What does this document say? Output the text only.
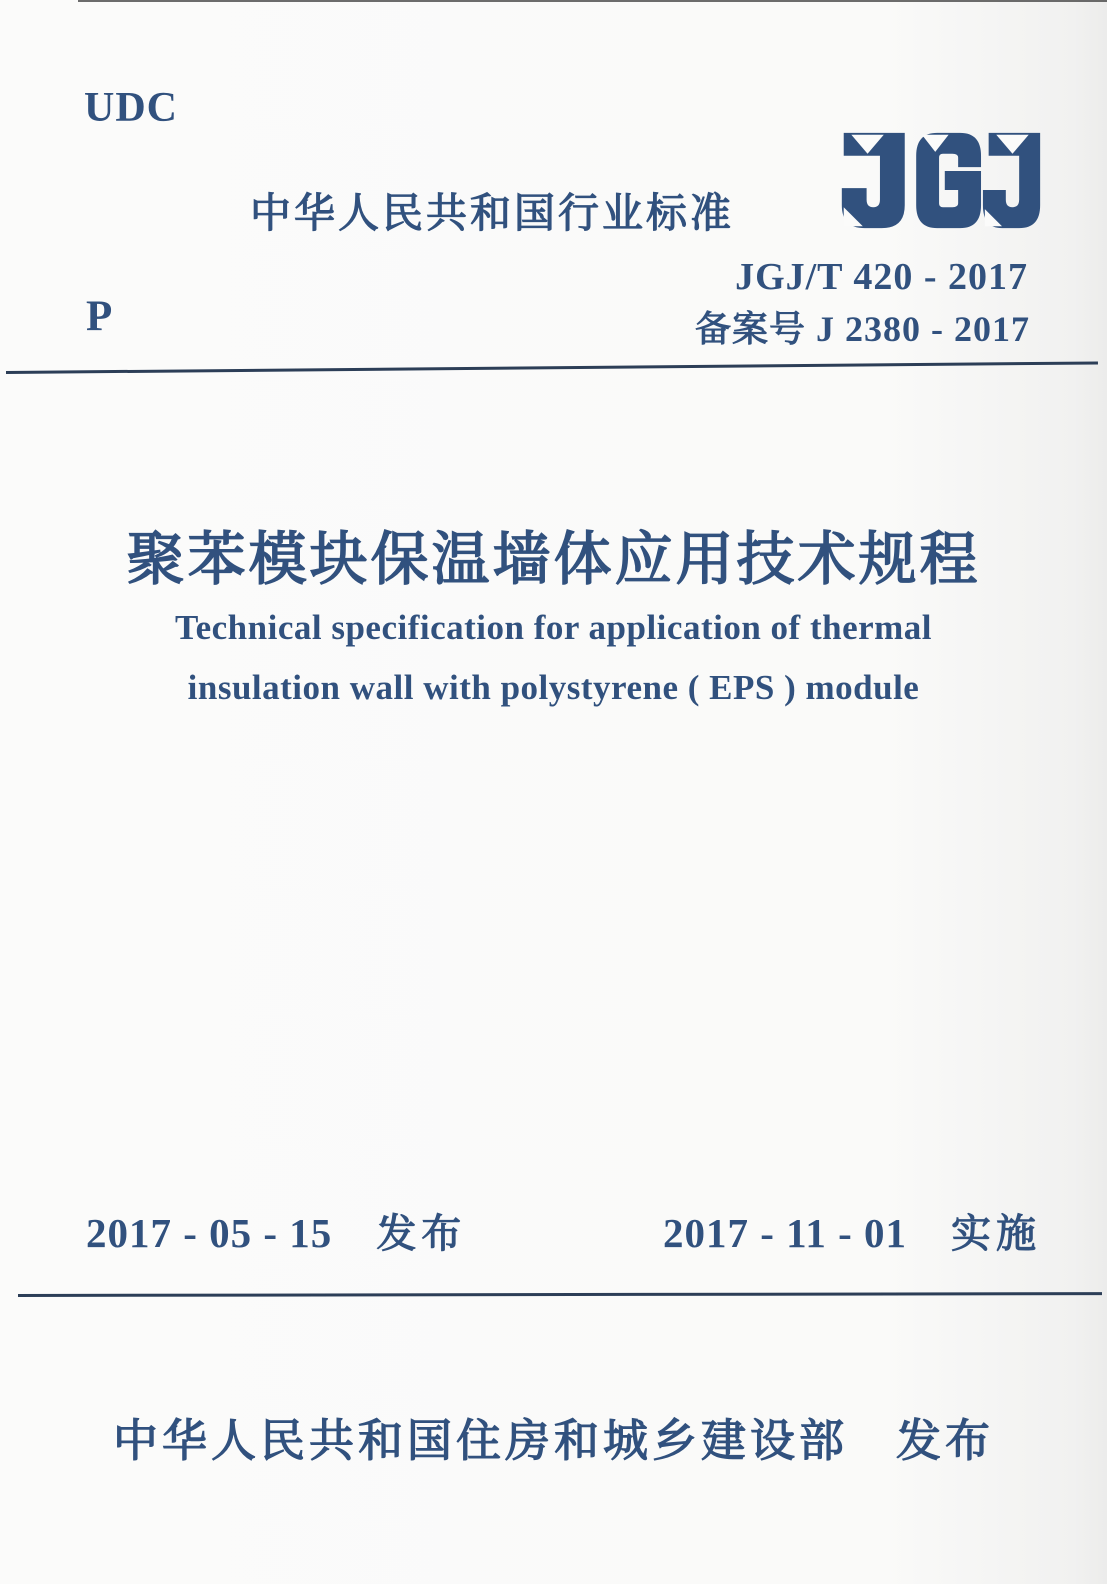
UDC
中华人民共和国行业标准
P
JGJ/T 420 - 2017
备案号 J 2380 - 2017
聚苯模块保温墙体应用技术规程
Technical specification for application of thermal
insulation wall with polystyrene ( EPS ) module
2017 - 05 - 15 发布	2017 - 11 - 01 实施
中华人民共和国住房和城乡建设部 发布
